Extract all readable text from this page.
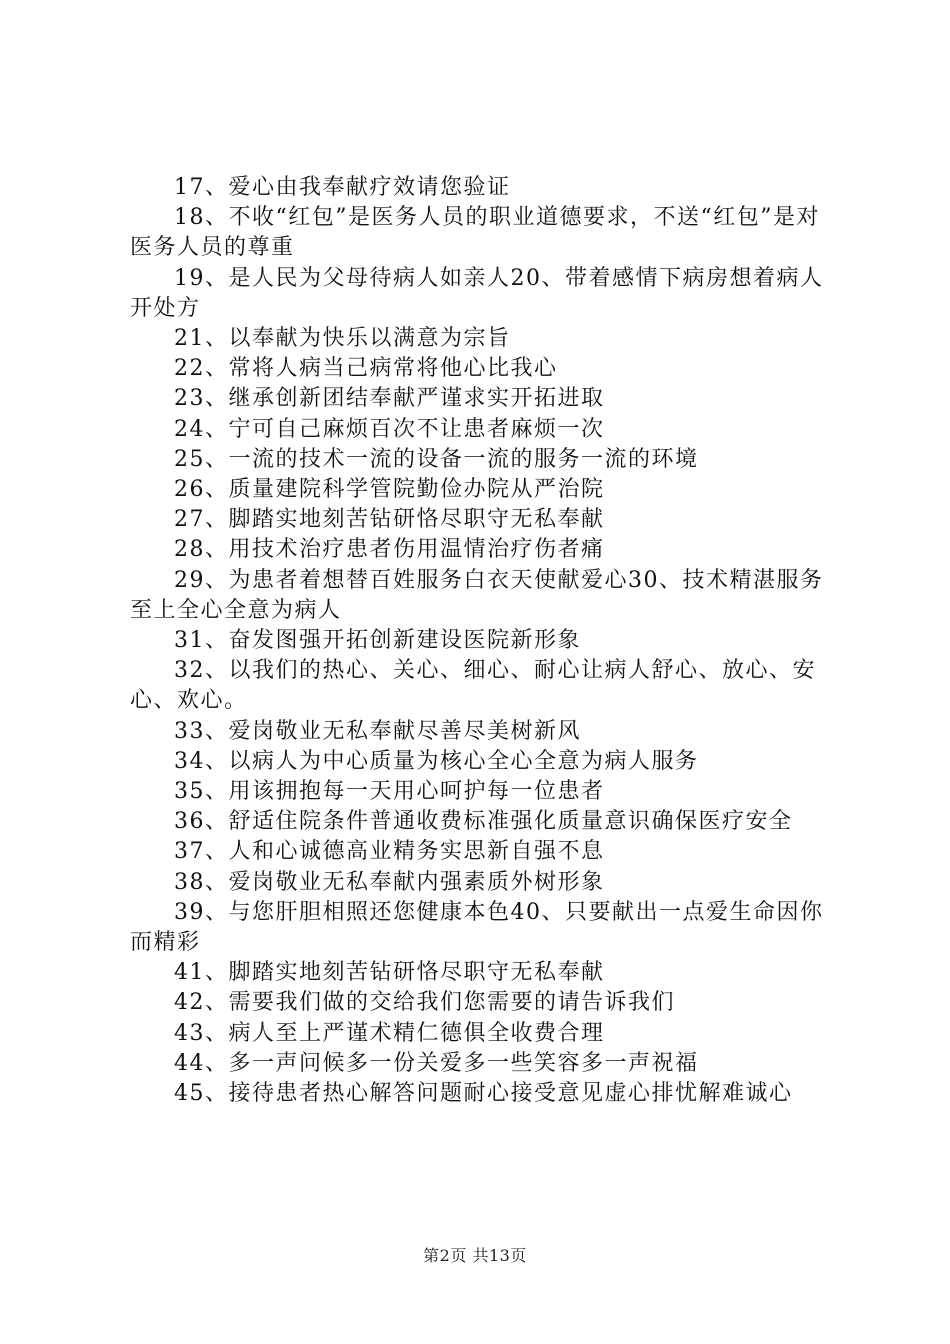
17、爱心由我奉献疗效请您验证

18、不收“红包”是医务人员的职业道德要求，不送“红包”是对医务人员的尊重

19、是人民为父母待病人如亲人20、带着感情下病房想着病人开处方

21、以奉献为快乐以满意为宗旨

22、常将人病当己病常将他心比我心

23、继承创新团结奉献严谨求实开拓进取

24、宁可自己麻烦百次不让患者麻烦一次

25、一流的技术一流的设备一流的服务一流的环境

26、质量建院科学管院勤俭办院从严治院

27、脚踏实地刻苦钻研恪尽职守无私奉献

28、用技术治疗患者伤用温情治疗伤者痛

29、为患者着想替百姓服务白衣天使献爱心30、技术精湛服务至上全心全意为病人

31、奋发图强开拓创新建设医院新形象

32、以我们的热心、关心、细心、耐心让病人舒心、放心、安心、欢心。

33、爱岗敬业无私奉献尽善尽美树新风

34、以病人为中心质量为核心全心全意为病人服务

35、用该拥抱每一天用心呵护每一位患者

36、舒适住院条件普通收费标准强化质量意识确保医疗安全

37、人和心诚德高业精务实思新自强不息

38、爱岗敬业无私奉献内强素质外树形象

39、与您肝胆相照还您健康本色40、只要献出一点爱生命因你而精彩

41、脚踏实地刻苦钻研恪尽职守无私奉献

42、需要我们做的交给我们您需要的请告诉我们

43、病人至上严谨术精仁德俱全收费合理

44、多一声问候多一份关爱多一些笑容多一声祝福

45、接待患者热心解答问题耐心接受意见虚心排忧解难诚心

第2页 共13页
